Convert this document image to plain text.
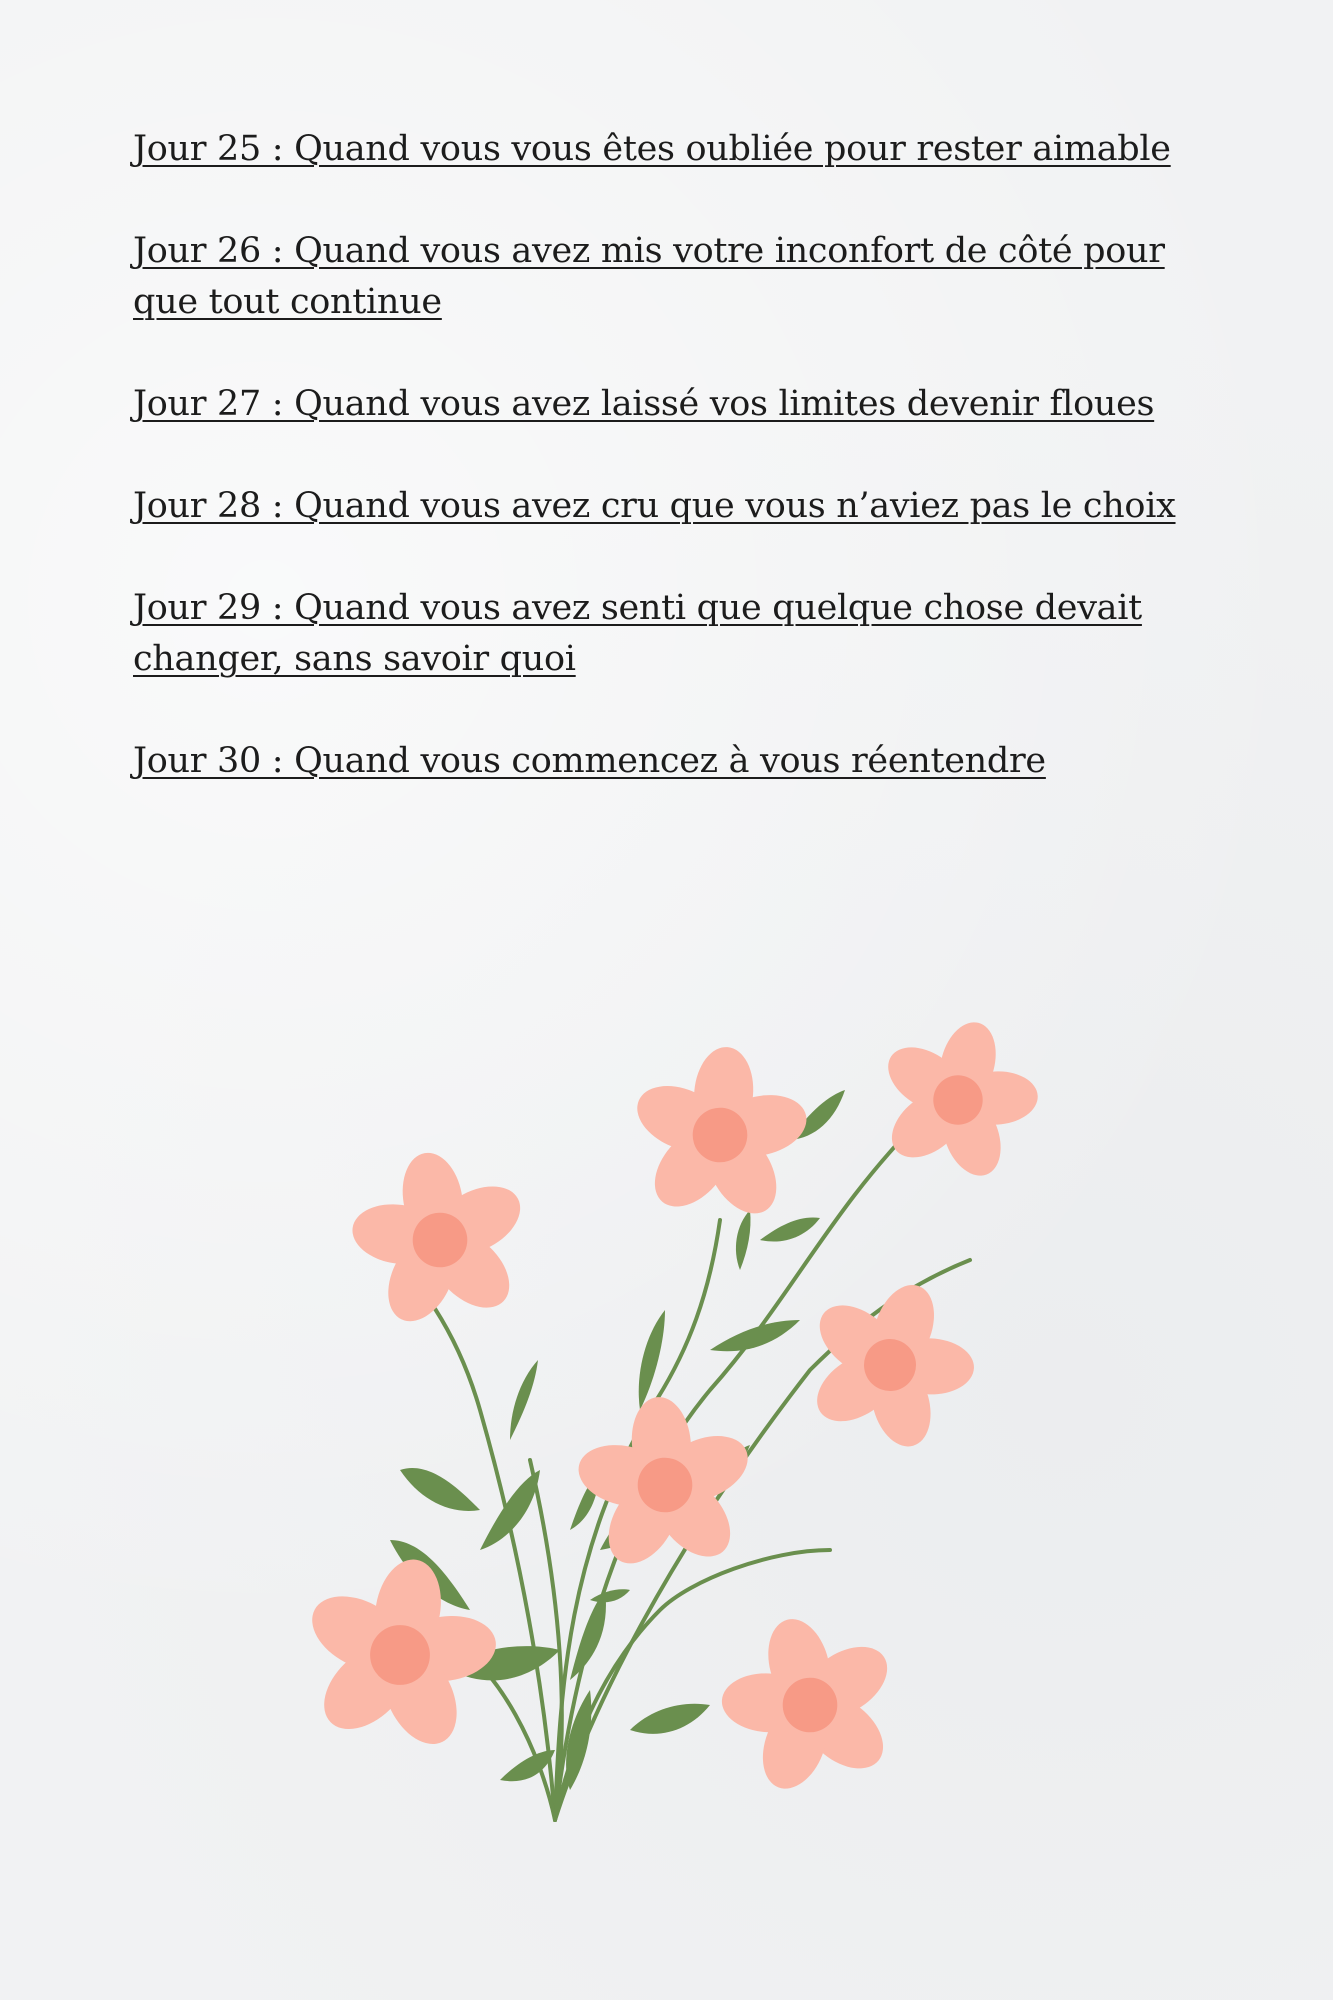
Jour 25 : Quand vous vous êtes oubliée pour rester aimable
Jour 26 : Quand vous avez mis votre inconfort de côté pour que tout continue
Jour 27 : Quand vous avez laissé vos limites devenir floues
Jour 28 : Quand vous avez cru que vous n’aviez pas le choix
Jour 29 : Quand vous avez senti que quelque chose devait changer, sans savoir quoi
Jour 30 : Quand vous commencez à vous réentendre
